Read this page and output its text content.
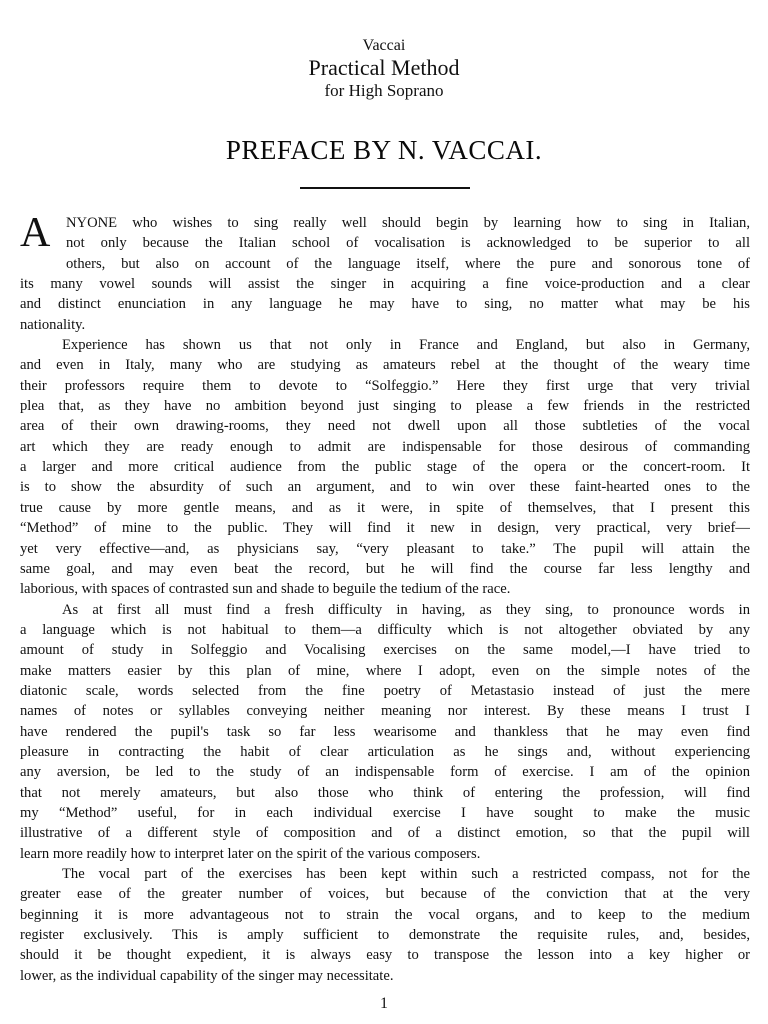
Vaccai
Practical Method
for High Soprano
PREFACE BY N. VACCAI.
A	NYONE who wishes to sing really well should begin by learning how to sing in Italian,
not only because the Italian school of vocalisation is acknowledged to be superior to all
others, but also on account of the language itself, where the pure and sonorous tone of
its many vowel sounds will assist the singer in acquiring a fine voice-production and a clear
and distinct enunciation in any language he may have to sing, no matter what may be his
nationality.
Experience has shown us that not only in France and England, but also in Germany,
and even in Italy, many who are studying as amateurs rebel at the thought of the weary time
their professors require them to devote to “Solfeggio.” Here they first urge that very trivial
plea that, as they have no ambition beyond just singing to please a few friends in the restricted
area of their own drawing-rooms, they need not dwell upon all those subtleties of the vocal
art which they are ready enough to admit are indispensable for those desirous of commanding
a larger and more critical audience from the public stage of the opera or the concert-room. It
is to show the absurdity of such an argument, and to win over these faint-hearted ones to the
true cause by more gentle means, and as it were, in spite of themselves, that I present this
“Method” of mine to the public. They will find it new in design, very practical, very brief—
yet very effective—and, as physicians say, “very pleasant to take.” The pupil will attain the
same goal, and may even beat the record, but he will find the course far less lengthy and
laborious, with spaces of contrasted sun and shade to beguile the tedium of the race.
As at first all must find a fresh difficulty in having, as they sing, to pronounce words in
a language which is not habitual to them—a difficulty which is not altogether obviated by any
amount of study in Solfeggio and Vocalising exercises on the same model,—I have tried to
make matters easier by this plan of mine, where I adopt, even on the simple notes of the
diatonic scale, words selected from the fine poetry of Metastasio instead of just the mere
names of notes or syllables conveying neither meaning nor interest. By these means I trust I
have rendered the pupil's task so far less wearisome and thankless that he may even find
pleasure in contracting the habit of clear articulation as he sings and, without experiencing
any aversion, be led to the study of an indispensable form of exercise. I am of the opinion
that not merely amateurs, but also those who think of entering the profession, will find
my “Method” useful, for in each individual exercise I have sought to make the music
illustrative of a different style of composition and of a distinct emotion, so that the pupil will
learn more readily how to interpret later on the spirit of the various composers.
The vocal part of the exercises has been kept within such a restricted compass, not for the
greater ease of the greater number of voices, but because of the conviction that at the very
beginning it is more advantageous not to strain the vocal organs, and to keep to the medium
register exclusively. This is amply sufficient to demonstrate the requisite rules, and, besides,
should it be thought expedient, it is always easy to transpose the lesson into a key higher or
lower, as the individual capability of the singer may necessitate.
1
